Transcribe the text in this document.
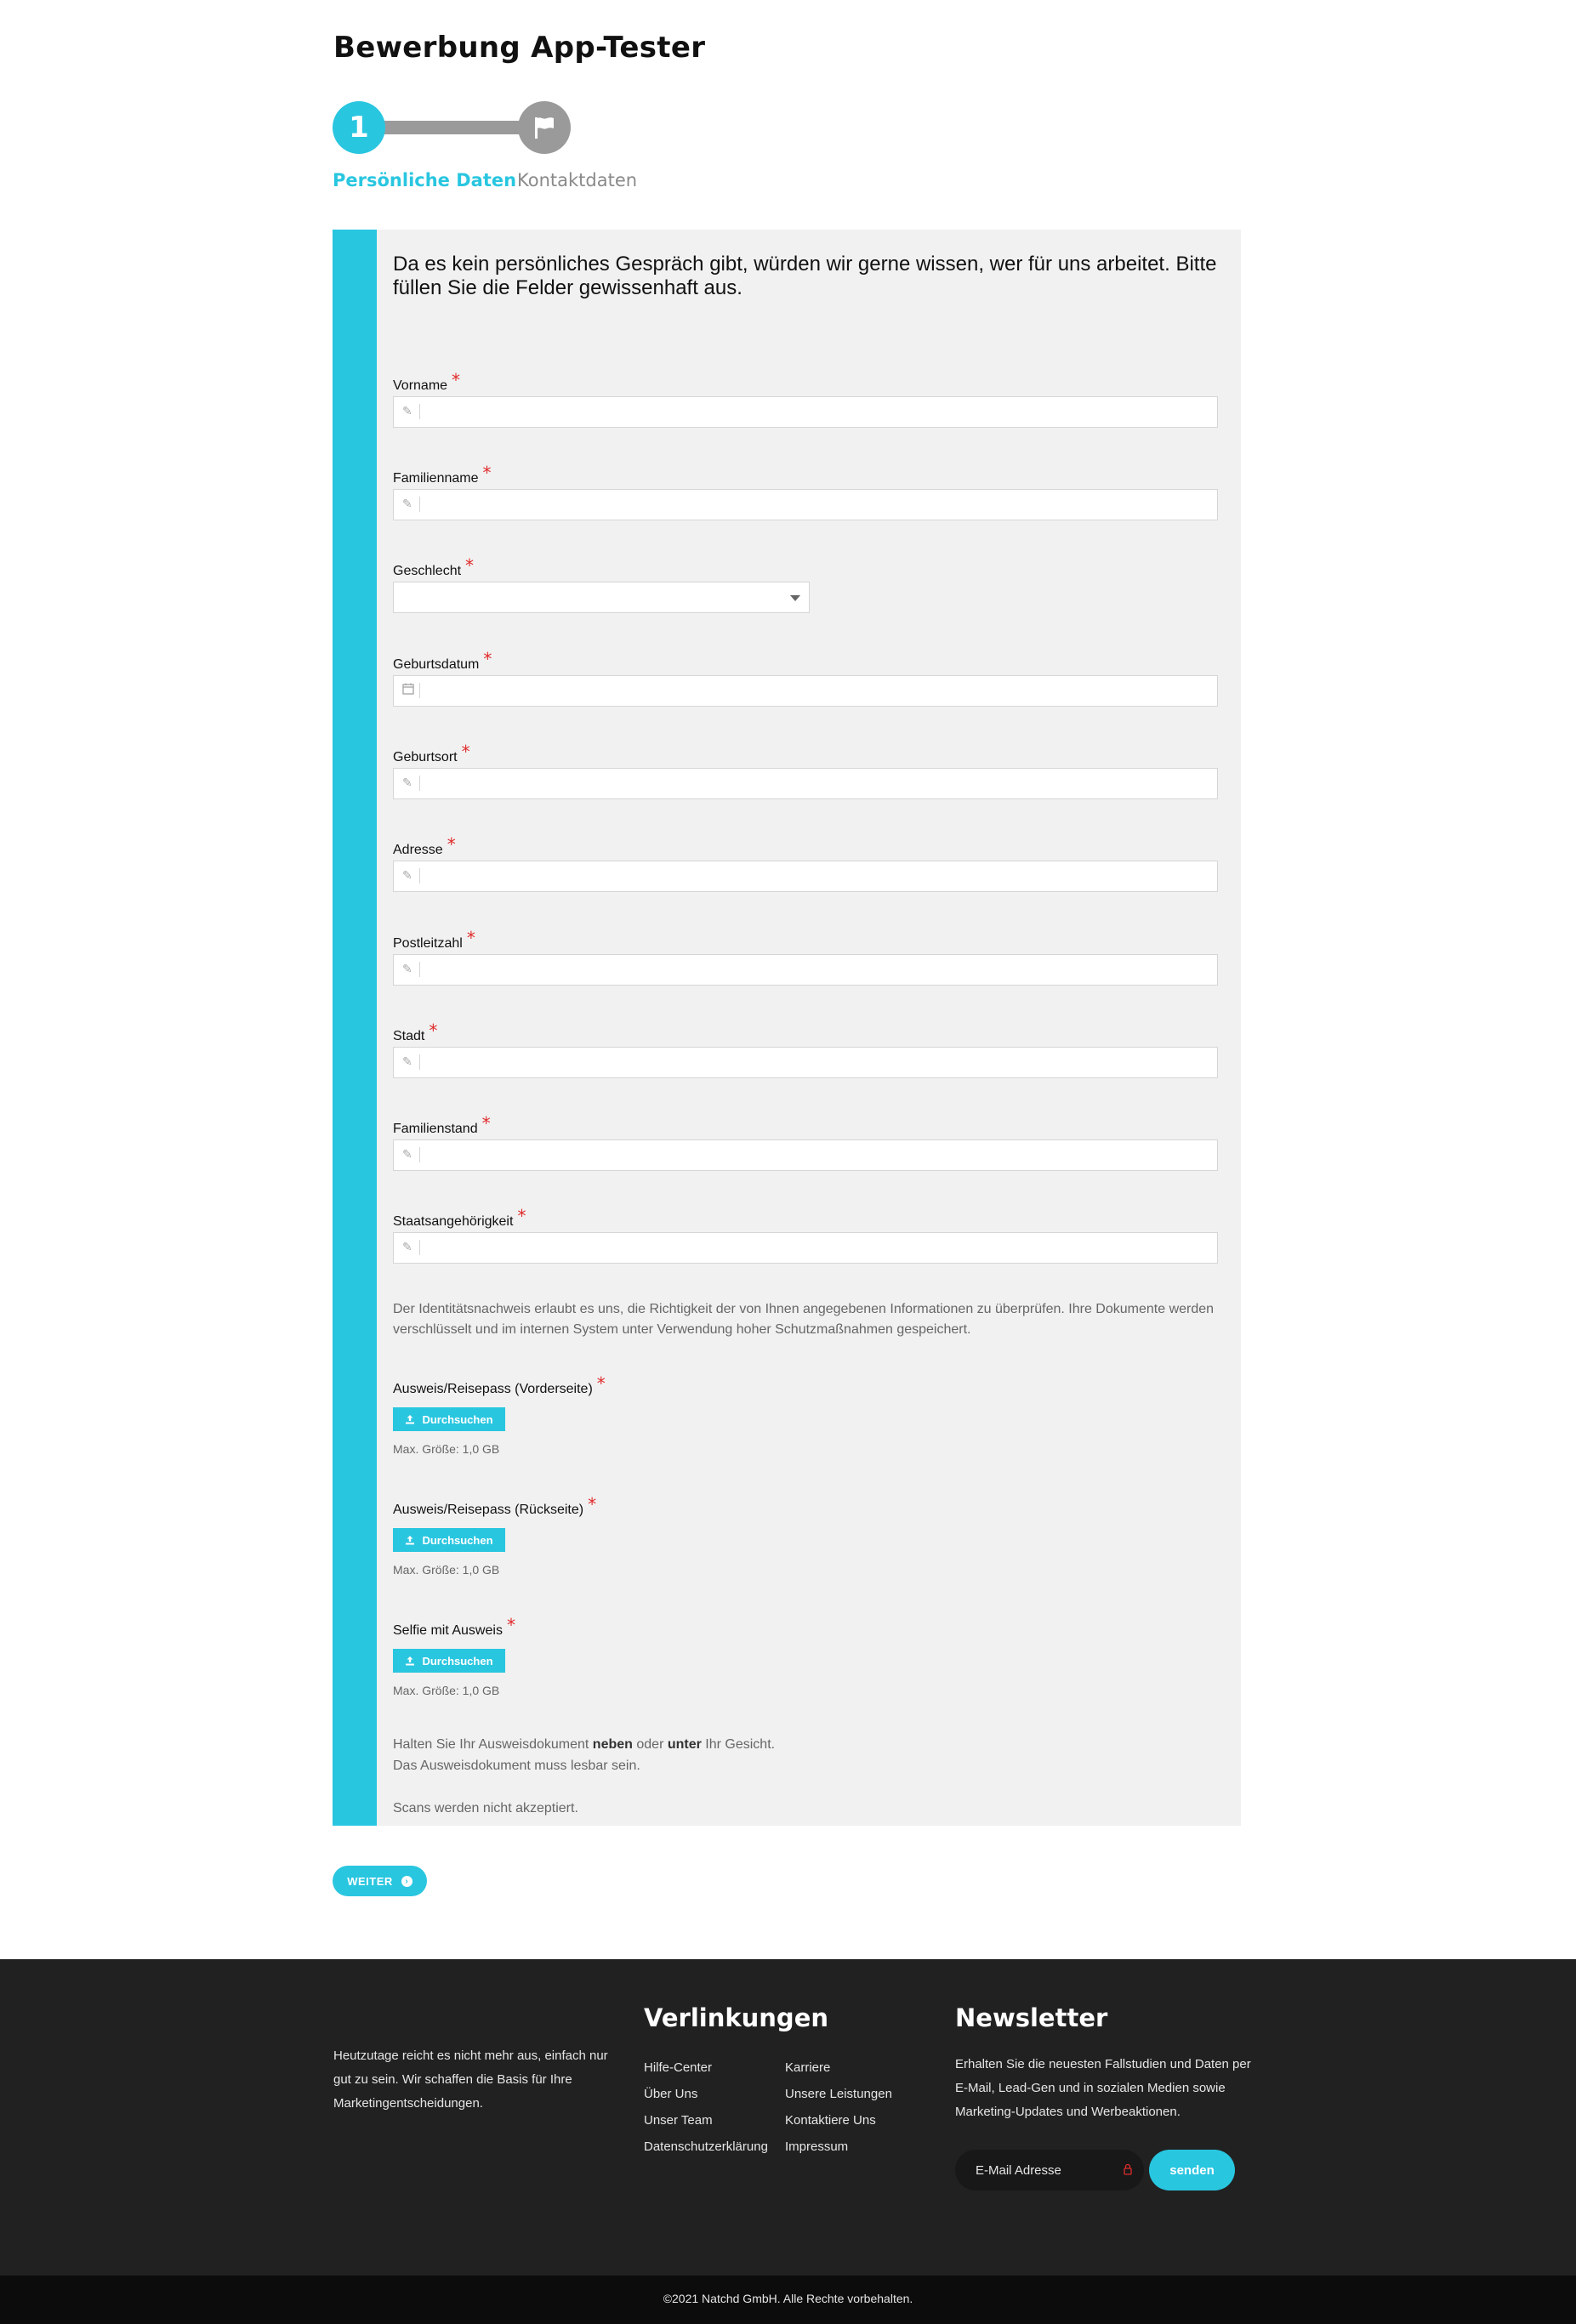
Bewerbung App-Tester
1
Persönliche Daten Kontaktdaten

Da es kein persönliches Gespräch gibt, würden wir gerne wissen, wer für uns arbeitet. Bitte füllen Sie die Felder gewissenhaft aus.

Vorname *
✎
Familienname *
✎
Geschlecht *
Geburtsdatum *
Geburtsort *
✎
Adresse *
✎
Postleitzahl *
✎
Stadt *
✎
Familienstand *
✎
Staatsangehörigkeit *
✎

Der Identitätsnachweis erlaubt es uns, die Richtigkeit der von Ihnen angegebenen Informationen zu überprüfen. Ihre Dokumente werden verschlüsselt und im internen System unter Verwendung hoher Schutzmaßnahmen gespeichert.

Ausweis/Reisepass (Vorderseite) *
Durchsuchen
Max. Größe: 1,0 GB
Ausweis/Reisepass (Rückseite) *
Durchsuchen
Max. Größe: 1,0 GB
Selfie mit Ausweis *
Durchsuchen
Max. Größe: 1,0 GB
Halten Sie Ihr Ausweisdokument neben oder unter Ihr Gesicht.
Das Ausweisdokument muss lesbar sein.
Scans werden nicht akzeptiert.
WEITER	›

Heutzutage reicht es nicht mehr aus, einfach nur gut zu sein. Wir schaffen die Basis für Ihre Marketingentscheidungen.

Verlinkungen
Hilfe-Center
Über Uns
Unser Team
Datenschutzerklärung
Karriere
Unsere Leistungen
Kontaktiere Uns
Impressum
Newsletter

Erhalten Sie die neuesten Fallstudien und Daten per E-Mail, Lead-Gen und in sozialen Medien sowie Marketing-Updates und Werbeaktionen.

E-Mail Adresse
senden
©2021 Natchd GmbH. Alle Rechte vorbehalten.
